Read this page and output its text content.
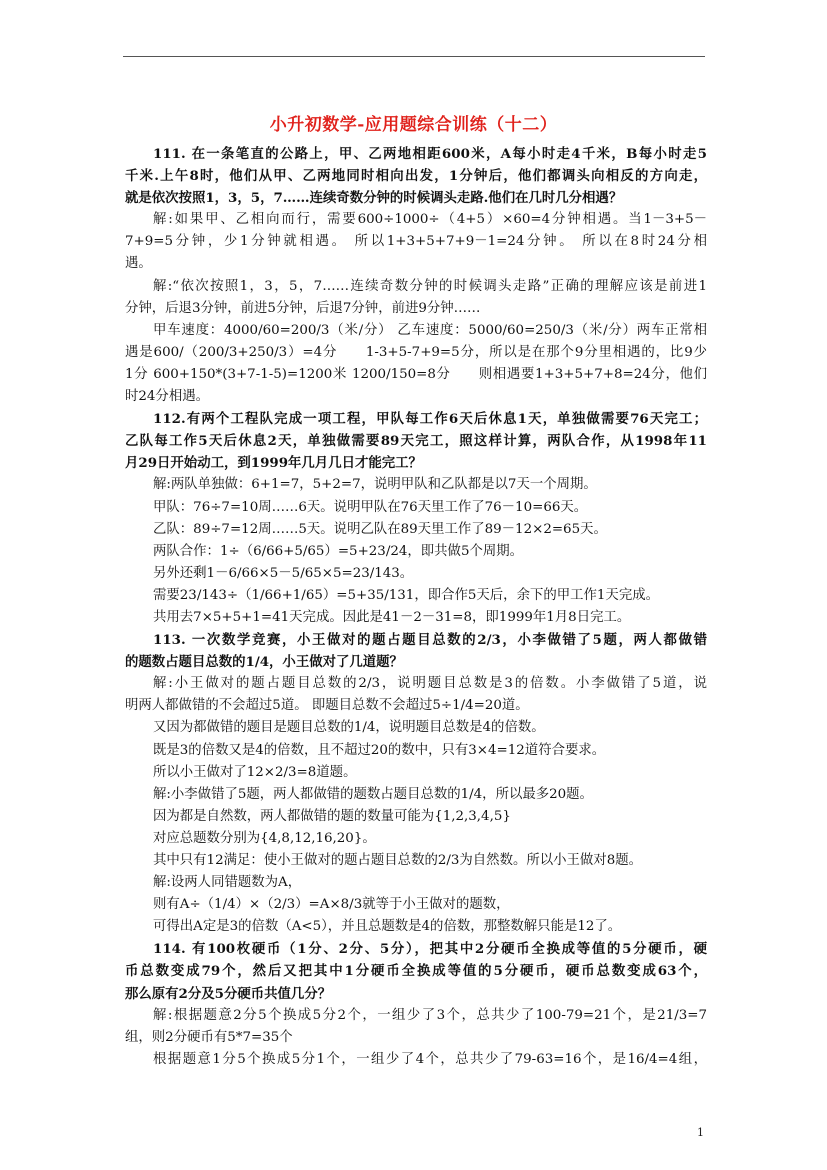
小升初数学-应用题综合训练（十二）
111. 在一条笔直的公路上，甲、乙两地相距600米，A每小时走4千米，B每小时走5
千米.上午8时，他们从甲、乙两地同时相向出发，1分钟后，他们都调头向相反的方向走，
就是依次按照1，3，5，7……连续奇数分钟的时候调头走路.他们在几时几分相遇？
解:如果甲、乙相向而行，需要600÷1000÷（4+5）×60=4分钟相遇。当1－3+5－
7+9=5分钟，少1分钟就相遇。 所以1+3+5+7+9－1=24分钟。 所以在8时24分相
遇。
解:“依次按照1，3，5，7……连续奇数分钟的时候调头走路”正确的理解应该是前进1
分钟，后退3分钟，前进5分钟，后退7分钟，前进9分钟……
甲车速度：4000/60=200/3（米/分） 乙车速度：5000/60=250/3（米/分）两车正常相
遇是600/（200/3+250/3）=4分　　1-3+5-7+9=5分，所以是在那个9分里相遇的，比9少
1分 600+150*(3+7-1-5)=1200米 1200/150=8分　　则相遇要1+3+5+7+8=24分，他们
时24分相遇。
112.有两个工程队完成一项工程，甲队每工作6天后休息1天，单独做需要76天完工；
乙队每工作5天后休息2天，单独做需要89天完工，照这样计算，两队合作，从1998年11
月29日开始动工，到1999年几月几日才能完工？
解:两队单独做：6+1=7，5+2=7，说明甲队和乙队都是以7天一个周期。
甲队：76÷7=10周……6天。说明甲队在76天里工作了76－10=66天。
乙队：89÷7=12周……5天。说明乙队在89天里工作了89－12×2=65天。
两队合作：1÷（6/66+5/65）=5+23/24，即共做5个周期。
另外还剩1－6/66×5－5/65×5=23/143。
需要23/143÷（1/66+1/65）=5+35/131，即合作5天后，余下的甲工作1天完成。
共用去7×5+5+1=41天完成。因此是41－2－31=8，即1999年1月8日完工。
113. 一次数学竞赛，小王做对的题占题目总数的2/3，小李做错了5题，两人都做错
的题数占题目总数的1/4，小王做对了几道题？
解:小王做对的题占题目总数的2/3，说明题目总数是3的倍数。小李做错了5道，说
明两人都做错的不会超过5道。 即题目总数不会超过5÷1/4=20道。
又因为都做错的题目是题目总数的1/4，说明题目总数是4的倍数。
既是3的倍数又是4的倍数，且不超过20的数中，只有3×4=12道符合要求。
所以小王做对了12×2/3=8道题。
解:小李做错了5题，两人都做错的题数占题目总数的1/4，所以最多20题。
因为都是自然数，两人都做错的题的数量可能为{1,2,3,4,5}
对应总题数分别为{4,8,12,16,20}。
其中只有12满足：使小王做对的题占题目总数的2/3为自然数。所以小王做对8题。
解:设两人同错题数为A，
则有A÷（1/4）×（2/3）=A×8/3就等于小王做对的题数，
可得出A定是3的倍数（A<5），并且总题数是4的倍数，那整数解只能是12了。
114. 有100枚硬币（1分、2分、5分），把其中2分硬币全换成等值的5分硬币，硬
币总数变成79个，然后又把其中1分硬币全换成等值的5分硬币，硬币总数变成63个，
那么原有2分及5分硬币共值几分？
解:根据题意2分5个换成5分2个，一组少了3个，总共少了100-79=21个，是21/3=7
组，则2分硬币有5*7=35个
根据题意1分5个换成5分1个，一组少了4个，总共少了79-63=16个，是16/4=4组，
1
